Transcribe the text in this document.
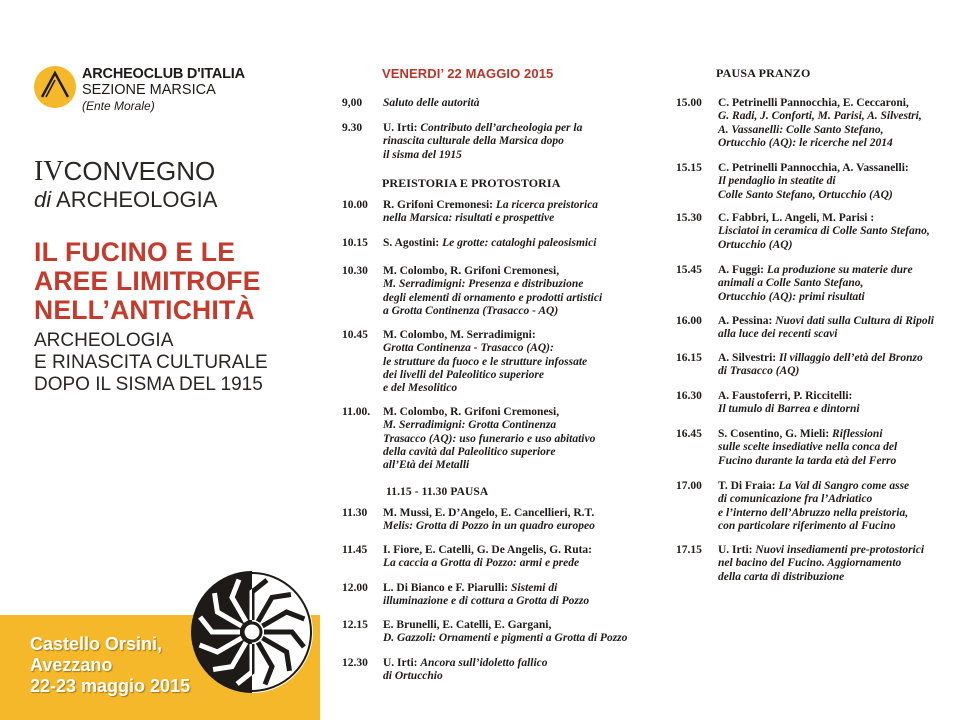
ARCHEOCLUB D'ITALIA
SEZIONE MARSICA
(Ente Morale)
IVCONVEGNO
di ARCHEOLOGIA
IL FUCINO E LE
AREE LIMITROFE
NELL’ANTICHITÀ
ARCHEOLOGIA
E RINASCITA CULTURALE
DOPO IL SISMA DEL 1915
Castello Orsini,
Avezzano
22-23 maggio 2015
VENERDI’ 22 MAGGIO 2015
9,00 Saluto delle autorità
9.30 U. Irti: Contributo dell’archeologia per la
rinascita culturale della Marsica dopo
il sisma del 1915
10.00 R. Grifoni Cremonesi: La ricerca preistorica
nella Marsica: risultati e prospettive
10.15 S. Agostini: Le grotte: cataloghi paleosismici
10.30 M. Colombo, R. Grifoni Cremonesi,
M. Serradimigni: Presenza e distribuzione
degli elementi di ornamento e prodotti artistici
a Grotta Continenza (Trasacco - AQ)
10.45 M. Colombo, M. Serradimigni:
Grotta Continenza - Trasacco (AQ):
le strutture da fuoco e le strutture infossate
dei livelli del Paleolitico superiore
e del Mesolitico
11.00. M. Colombo, R. Grifoni Cremonesi,
M. Serradimigni: Grotta Continenza
Trasacco (AQ): uso funerario e uso abitativo
della cavità dal Paleolitico superiore
all’Età dei Metalli
11.30 M. Mussi, E. D’Angelo, E. Cancellieri, R.T.
Melis: Grotta di Pozzo in un quadro europeo
11.45 I. Fiore, E. Catelli, G. De Angelis, G. Ruta:
La caccia a Grotta di Pozzo: armi e prede
12.00 L. Di Bianco e F. Piarulli: Sistemi di
illuminazione e di cottura a Grotta di Pozzo
12.15 E. Brunelli, E. Catelli, E. Gargani,
D. Gazzoli: Ornamenti e pigmenti a Grotta di Pozzo
12.30 U. Irti: Ancora sull’idoletto fallico
di Ortucchio
PREISTORIA E PROTOSTORIA
11.15 - 11.30 PAUSA
PAUSA PRANZO
15.00 C. Petrinelli Pannocchia, E. Ceccaroni,
G. Radi, J. Conforti, M. Parisi, A. Silvestri,
A. Vassanelli: Colle Santo Stefano,
Ortucchio (AQ): le ricerche nel 2014
15.15 C. Petrinelli Pannocchia, A. Vassanelli:
Il pendaglio in steatite di
Colle Santo Stefano, Ortucchio (AQ)
15.30 C. Fabbri, L. Angeli, M. Parisi :
Lisciatoi in ceramica di Colle Santo Stefano,
Ortucchio (AQ)
15.45 A. Fuggi: La produzione su materie dure
animali a Colle Santo Stefano,
Ortucchio (AQ): primi risultati
16.00 A. Pessina: Nuovi dati sulla Cultura di Ripoli
alla luce dei recenti scavi
16.15 A. Silvestri: Il villaggio dell’età del Bronzo
di Trasacco (AQ)
16.30 A. Faustoferri, P. Riccitelli:
Il tumulo di Barrea e dintorni
16.45 S. Cosentino, G. Mieli: Riflessioni
sulle scelte insediative nella conca del
Fucino durante la tarda età del Ferro
17.00 T. Di Fraia: La Val di Sangro come asse
di comunicazione fra l’Adriatico
e l’interno dell’Abruzzo nella preistoria,
con particolare riferimento al Fucino
17.15 U. Irti: Nuovi insediamenti pre-protostorici
nel bacino del Fucino. Aggiornamento
della carta di distribuzione
